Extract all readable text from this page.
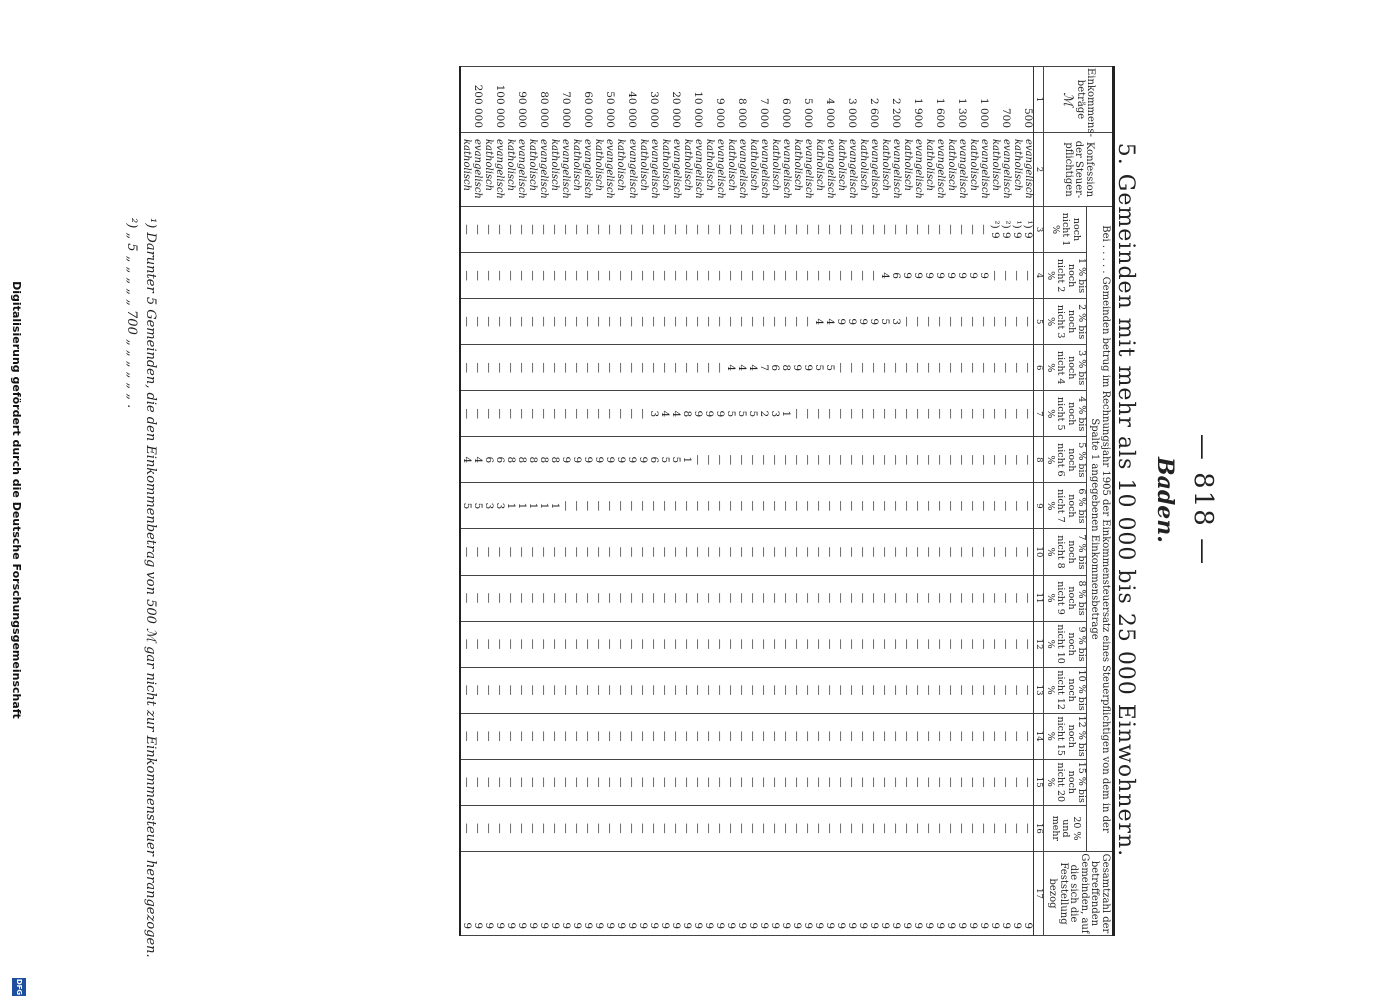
— 818 —
Baden.
5. Gemeinden mit mehr als 10 000 bis 25 000 Einwohnern.
Einkommens-beträge
ℳ	Konfession der Steuer-pflichtigen	Bei . . . . . Gemeinden betrug im Rechnungsjahr 1905 der Einkommensteuersatz eines Steuerpflichtigen von dem in der Spalte 1 angegebenen Einkommensbetrage														Gesamtzahl der betreffenden Gemeinden, auf die sich die Feststellung bezog
		noch nicht 1 %	1 % bis noch nicht 2 %	2 % bis noch nicht 3 %	3 % bis noch nicht 4 %	4 % bis noch nicht 5 %	5 % bis noch nicht 6 %	6 % bis noch nicht 7 %	7 % bis noch nicht 8 %	8 % bis noch nicht 9 %	9 % bis noch nicht 10 %	10 % bis noch nicht 12 %	12 % bis noch nicht 15 %	15 % bis noch nicht 20 %	20 % und mehr	
1	2	3	4	5	6	7	8	9	10	11	12	13	14	15	16	17
500	evangelisch	¹) 9	—	—	—	—	—	—	—	—	—	—	—	—	—	9
	katholisch	¹) 9	—	—	—	—	—	—	—	—	—	—	—	—	—	9
700	evangelisch	²) 9	—	—	—	—	—	—	—	—	—	—	—	—	—	9
	katholisch	²) 9	—	—	—	—	—	—	—	—	—	—	—	—	—	9
1 000	evangelisch	—	9	—	—	—	—	—	—	—	—	—	—	—	—	9
	katholisch	—	9	—	—	—	—	—	—	—	—	—	—	—	—	9
1 300	evangelisch	—	9	—	—	—	—	—	—	—	—	—	—	—	—	9
	katholisch	—	9	—	—	—	—	—	—	—	—	—	—	—	—	9
1 600	evangelisch	—	9	—	—	—	—	—	—	—	—	—	—	—	—	9
	katholisch	—	9	—	—	—	—	—	—	—	—	—	—	—	—	9
1 900	evangelisch	—	9	—	—	—	—	—	—	—	—	—	—	—	—	9
	katholisch	—	9	—	—	—	—	—	—	—	—	—	—	—	—	9
2 200	evangelisch	—	6	3	—	—	—	—	—	—	—	—	—	—	—	9
	katholisch	—	4	5	—	—	—	—	—	—	—	—	—	—	—	9
2 600	evangelisch	—	—	9	—	—	—	—	—	—	—	—	—	—	—	9
	katholisch	—	—	9	—	—	—	—	—	—	—	—	—	—	—	9
3 000	evangelisch	—	—	9	—	—	—	—	—	—	—	—	—	—	—	9
	katholisch	—	—	9	—	—	—	—	—	—	—	—	—	—	—	9
4 000	evangelisch	—	—	4	5	—	—	—	—	—	—	—	—	—	—	9
	katholisch	—	—	4	5	—	—	—	—	—	—	—	—	—	—	9
5 000	evangelisch	—	—	—	9	—	—	—	—	—	—	—	—	—	—	9
	katholisch	—	—	—	9	—	—	—	—	—	—	—	—	—	—	9
6 000	evangelisch	—	—	—	8	1	—	—	—	—	—	—	—	—	—	9
	katholisch	—	—	—	6	3	—	—	—	—	—	—	—	—	—	9
7 000	evangelisch	—	—	—	7	2	—	—	—	—	—	—	—	—	—	9
	katholisch	—	—	—	4	5	—	—	—	—	—	—	—	—	—	9
8 000	evangelisch	—	—	—	4	5	—	—	—	—	—	—	—	—	—	9
	katholisch	—	—	—	4	5	—	—	—	—	—	—	—	—	—	9
9 000	evangelisch	—	—	—	—	9	—	—	—	—	—	—	—	—	—	9
	katholisch	—	—	—	—	9	—	—	—	—	—	—	—	—	—	9
10 000	evangelisch	—	—	—	—	9	—	—	—	—	—	—	—	—	—	9
	katholisch	—	—	—	—	8	1	—	—	—	—	—	—	—	—	9
20 000	evangelisch	—	—	—	—	4	5	—	—	—	—	—	—	—	—	9
	katholisch	—	—	—	—	4	5	—	—	—	—	—	—	—	—	9
30 000	evangelisch	—	—	—	—	3	6	—	—	—	—	—	—	—	—	9
	katholisch	—	—	—	—	—	9	—	—	—	—	—	—	—	—	9
40 000	evangelisch	—	—	—	—	—	9	—	—	—	—	—	—	—	—	9
	katholisch	—	—	—	—	—	9	—	—	—	—	—	—	—	—	9
50 000	evangelisch	—	—	—	—	—	9	—	—	—	—	—	—	—	—	9
	katholisch	—	—	—	—	—	9	—	—	—	—	—	—	—	—	9
60 000	evangelisch	—	—	—	—	—	9	—	—	—	—	—	—	—	—	9
	katholisch	—	—	—	—	—	9	—	—	—	—	—	—	—	—	9
70 000	evangelisch	—	—	—	—	—	9	—	—	—	—	—	—	—	—	9
	katholisch	—	—	—	—	—	8	1	—	—	—	—	—	—	—	9
80 000	evangelisch	—	—	—	—	—	8	1	—	—	—	—	—	—	—	9
	katholisch	—	—	—	—	—	8	1	—	—	—	—	—	—	—	9
90 000	evangelisch	—	—	—	—	—	8	1	—	—	—	—	—	—	—	9
	katholisch	—	—	—	—	—	8	1	—	—	—	—	—	—	—	9
100 000	evangelisch	—	—	—	—	—	6	3	—	—	—	—	—	—	—	9
	katholisch	—	—	—	—	—	6	3	—	—	—	—	—	—	—	9
200 000	evangelisch	—	—	—	—	—	4	5	—	—	—	—	—	—	—	9
	katholisch	—	—	—	—	—	4	5	—	—	—	—	—	—	—	9
¹) Darunter 5 Gemeinden, die den Einkommenbetrag von 500 ℳ gar nicht zur Einkommensteuer herangezogen.
²) „ 5 „ „ „ „ „ 700 „ „ „ „ „ „ .
Digitalisierung gefördert durch die Deutsche Forschungsgemeinschaft
DFG
